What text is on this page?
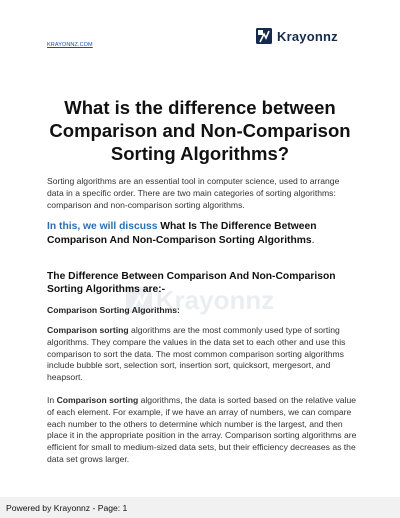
KRAYONNZ.COM
Krayonnz
Krayonnz
What is the difference between Comparison and Non-Comparison Sorting Algorithms?
Sorting algorithms are an essential tool in computer science, used to arrange data in a specific order. There are two main categories of sorting algorithms: comparison and non-comparison sorting algorithms.
In this, we will discuss What Is The Difference Between Comparison And Non-Comparison Sorting Algorithms.
The Difference Between Comparison And Non-Comparison Sorting Algorithms are:-
Comparison Sorting Algorithms:
Comparison sorting algorithms are the most commonly used type of sorting algorithms. They compare the values in the data set to each other and use this comparison to sort the data. The most common comparison sorting algorithms include bubble sort, selection sort, insertion sort, quicksort, mergesort, and heapsort.
In Comparison sorting algorithms, the data is sorted based on the relative value of each element. For example, if we have an array of numbers, we can compare each number to the others to determine which number is the largest, and then place it in the appropriate position in the array. Comparison sorting algorithms are efficient for small to medium-sized data sets, but their efficiency decreases as the data set grows larger.
Powered by Krayonnz - Page: 1
